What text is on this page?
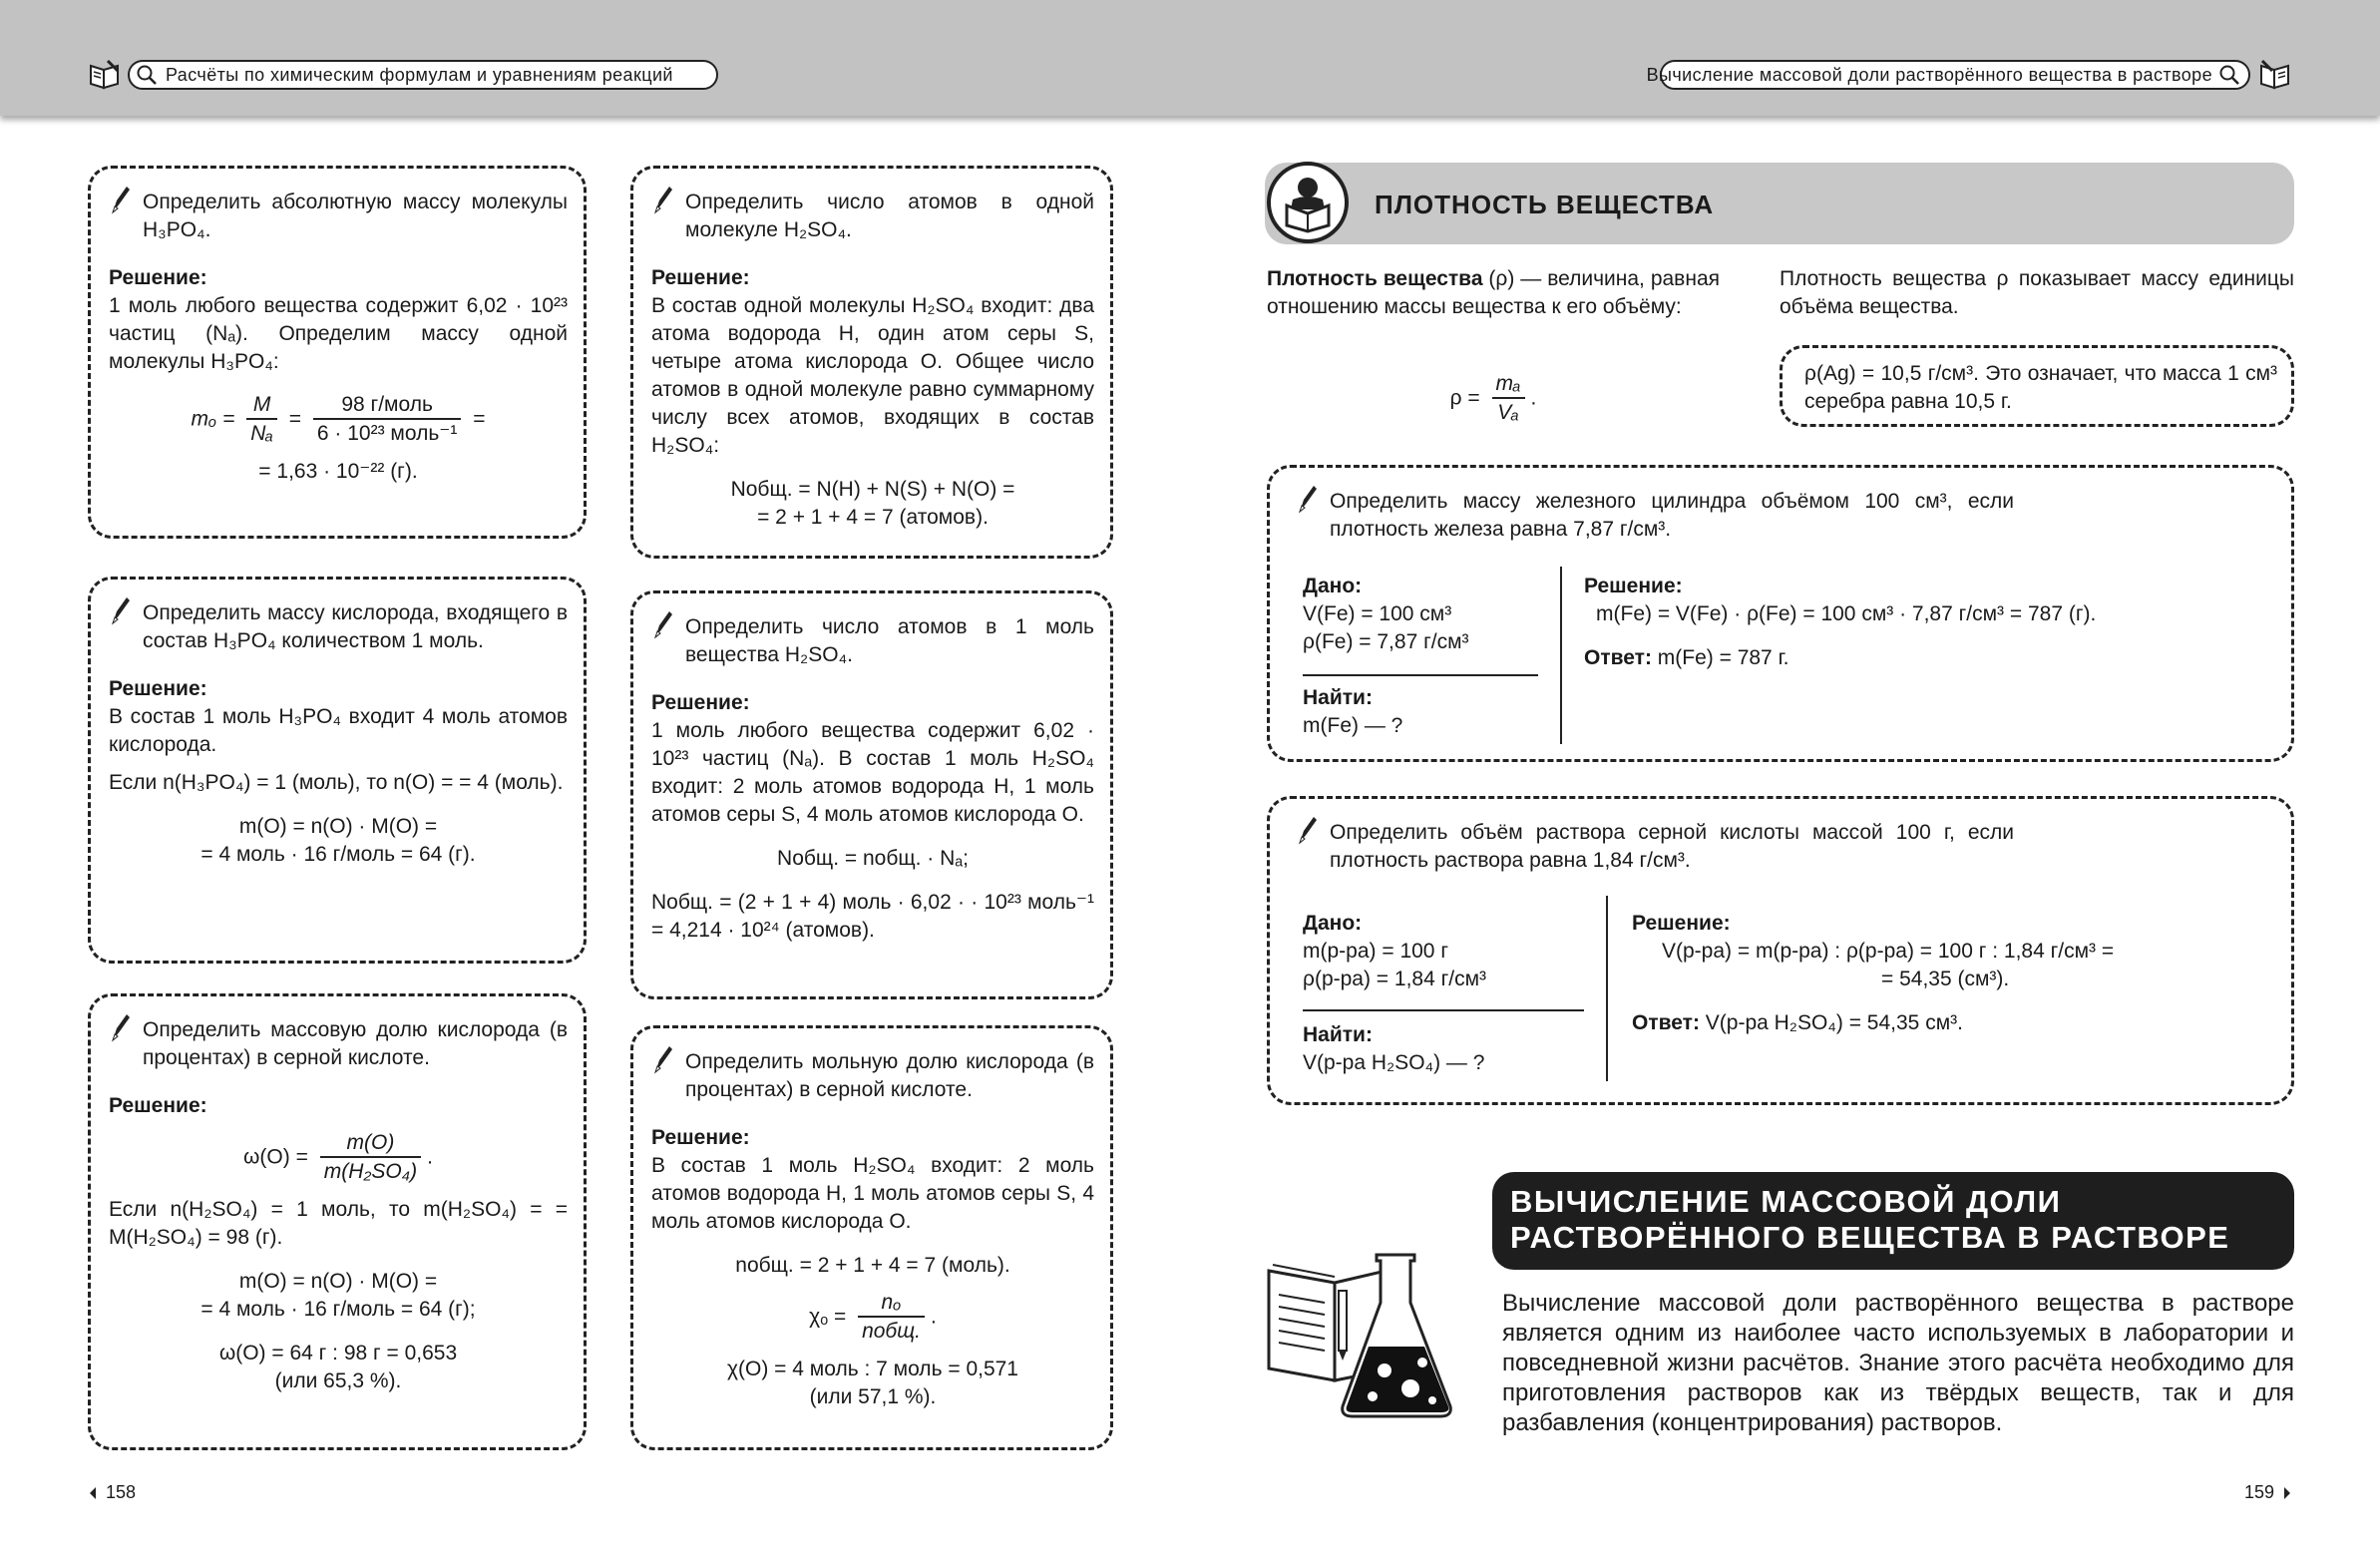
Расчёты по химическим формулам и уравнениям реакций	Вычисление массовой доли растворённого вещества в растворе

Определить абсолютную массу молекулы H₃PO₄.

Решение:

1 моль любого вещества содержит 6,02 · 10²³ частиц (Nₐ). Определим массу одной молекулы H₃PO₄:

$m_o = \frac{M}{\text{Nₐ}} = \frac{\text{98 г/моль}}{\text{6 · 10²³ моль⁻¹}}$ =

= 1,63 · 10⁻²² (г).

Определить массу кислорода, входящего в состав H₃PO₄ количеством 1 моль.

Решение:

В состав 1 моль H₃PO₄ входит 4 моль атомов кислорода.

Если n(H₃PO₄) = 1 (моль), то n(O) = = 4 (моль).

m(O) = n(O) · M(O) =

= 4 моль · 16 г/моль = 64 (г).

Определить массовую долю кислорода (в процентах) в серной кислоте.

Решение:

$\omega(O) = \frac{m(O)}{\text{m(H₂SO₄)}}$ .

Если n(H₂SO₄) = 1 моль, то m(H₂SO₄) = = M(H₂SO₄) = 98 (г).

m(O) = n(O) · M(O) =

= 4 моль · 16 г/моль = 64 (г);

ω(O) = 64 г : 98 г = 0,653

(или 65,3 %).

Определить число атомов в одной молекуле H₂SO₄.

Решение:

В состав одной молекулы H₂SO₄ входит: два атома водорода H, один атом серы S, четыре атома кислорода O. Общее число атомов в одной молекуле равно суммарному числу всех атомов, входящих в состав H₂SO₄:

Nобщ. = N(H) + N(S) + N(O) =

= 2 + 1 + 4 = 7 (атомов).

Определить число атомов в 1 моль вещества H₂SO₄.

Решение:

1 моль любого вещества содержит 6,02 · 10²³ частиц (Nₐ). В состав 1 моль H₂SO₄ входит: 2 моль атомов водорода H, 1 моль атомов серы S, 4 моль атомов кислорода O.

Nобщ. = nобщ. · Nₐ;

Nобщ. = (2 + 1 + 4) моль · 6,02 · · 10²³ моль⁻¹ = 4,214 · 10²⁴ (атомов).

Определить мольную долю кислорода (в процентах) в серной кислоте.

Решение:

В состав 1 моль H₂SO₄ входит: 2 моль атомов водорода H, 1 моль атомов серы S, 4 моль атомов кислорода O.

nобщ. = 2 + 1 + 4 = 7 (моль).

$\chi_o = \frac{\text{nₒ}}{\text{nобщ.}}$ .

χ(O) = 4 моль : 7 моль = 0,571

(или 57,1 %).

158
ПЛОТНОСТЬ ВЕЩЕСТВА
Плотность вещества (ρ) — величина, равная отношению массы вещества к его объёму:
$\rho = \frac{\text{mₐ}}{\text{Vₐ}}$ .
Плотность вещества ρ показывает массу единицы объёма вещества.

ρ(Ag) = 10,5 г/см³. Это означает, что масса 1 см³ серебра равна 10,5 г.

Определить массу железного цилиндра объёмом 100 см³, если плотность железа равна 7,87 г/см³.

Дано:
V(Fe) = 100 см³
ρ(Fe) = 7,87 г/см³
Найти:
m(Fe) — ?
Решение:
m(Fe) = V(Fe) · ρ(Fe) = 100 см³ · 7,87 г/см³ = 787 (г).
Ответ: m(Fe) = 787 г.

Определить объём раствора серной кислоты массой 100 г, если плотность раствора равна 1,84 г/см³.

Дано:
m(р-ра) = 100 г
ρ(р-ра) = 1,84 г/см³
Найти:
V(р-ра H₂SO₄) — ?
Решение:
V(р-ра) = m(р-ра) : ρ(р-ра) = 100 г : 1,84 г/см³ =
= 54,35 (см³).
Ответ: V(р-ра H₂SO₄) = 54,35 см³.
ВЫЧИСЛЕНИЕ МАССОВОЙ ДОЛИ
РАСТВОРЁННОГО ВЕЩЕСТВА В РАСТВОРЕ
Вычисление массовой доли растворённого вещества в растворе является одним из наиболее часто используемых в лаборатории и повседневной жизни расчётов. Знание этого расчёта необходимо для приготовления растворов как из твёрдых веществ, так и для разбавления (концентрирования) растворов.
159
